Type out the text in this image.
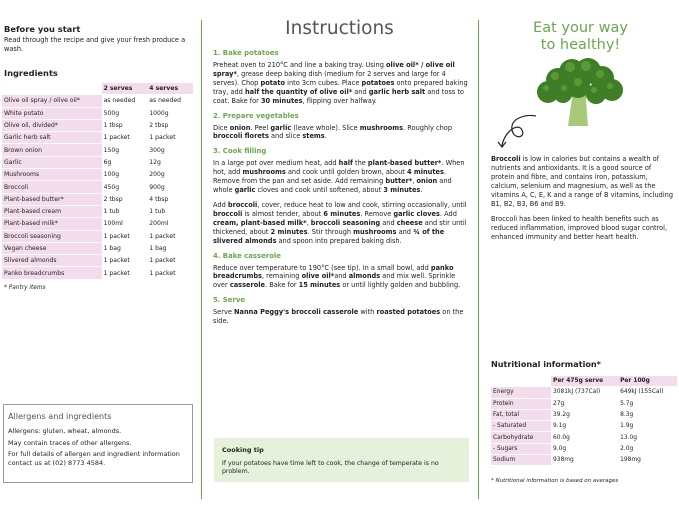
Before you start
Read through the recipe and give your fresh produce a wash.
Ingredients
	2 serves	4 serves
Olive oil spray / olive oil*	as needed	as needed
White potato	500g	1000g
Olive oil, divided*	1 tbsp	2 tbsp
Garlic herb salt	1 packet	1 packet
Brown onion	150g	300g
Garlic	6g	12g
Mushrooms	100g	200g
Broccoli	450g	900g
Plant-based butter*	2 tbsp	4 tbsp
Plant-based cream	1 tub	1 tub
Plant-based milk*	100ml	200ml
Broccoli seasoning	1 packet	1 packet
Vegan cheese	1 bag	1 bag
Slivered almonds	1 packet	1 packet
Panko breadcrumbs	1 packet	1 packet
* Pantry items
Allergens and ingredients

Allergens: gluten, wheat, almonds.

May contain traces of other allergens.

For full details of allergen and ingredient information contact us at (02) 8773 4584.

Instructions
1. Bake potatoes
Preheat oven to 210°C and line a baking tray. Using olive oil* / olive oil spray*, grease deep baking dish (medium for 2 serves and large for 4 serves). Chop potato into 3cm cubes. Place potatoes onto prepared baking tray, add half the quantity of olive oil* and garlic herb salt and toss to coat. Bake for 30 minutes, flipping over halfway.
2. Prepare vegetables
Dice onion. Peel garlic (leave whole). Slice mushrooms. Roughly chop broccoli florets and slice stems.
3. Cook filling
In a large pot over medium heat, add half the plant-based butter*. When hot, add mushrooms and cook until golden brown, about 4 minutes. Remove from the pan and set aside. Add remaining butter*, onion and whole garlic cloves and cook until softened, about 3 minutes.
Add broccoli, cover, reduce heat to low and cook, stirring occasionally, until broccoli is almost tender, about 6 minutes. Remove garlic cloves. Add cream, plant-based milk*, broccoli seasoning and cheese and stir until thickened, about 2 minutes. Stir through mushrooms and ¾ of the slivered almonds and spoon into prepared baking dish.
4. Bake casserole
Reduce over temperature to 190°C (see tip). In a small bowl, add panko breadcrumbs, remaining olive oil*and almonds and mix well. Sprinkle over casserole. Bake for 15 minutes or until lightly golden and bubbling.
5. Serve
Serve Nanna Peggy's broccoli casserole with roasted potatoes on the side.
Cooking tip
If your potatoes have time left to cook, the change of temperate is no problem.
Eat your way
to healthy!

Broccoli is low in calories but contains a wealth of nutrients and antioxidants. It is a good source of protein and fibre, and contains iron, potassium, calcium, selenium and magnesium, as well as the vitamins A, C, E, K and a range of B vitamins, including B1, B2, B3, B6 and B9.

Broccoli has been linked to health benefits such as reduced inflammation, improved blood sugar control, enhanced immunity and better heart health.

Nutritional information*
	Per 475g serve	Per 100g
Energy	3081kJ (737Cal)	649kJ (155Cal)
Protein	27g	5.7g
Fat, total	39.2g	8.3g
- Saturated	9.1g	1.9g
Carbohydrate	60.0g	13.0g
- Sugars	9.0g	2.0g
Sodium	938mg	198mg
* Nutritional information is based on averages
